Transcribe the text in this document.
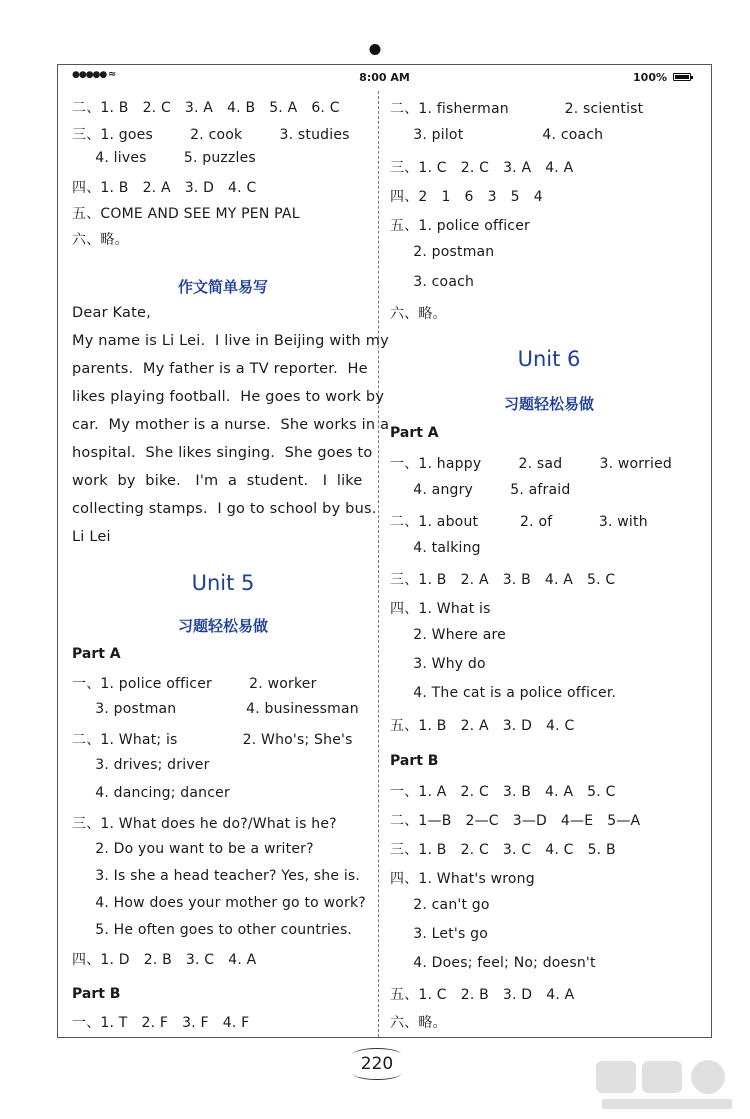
●●●●● ≈	8:00 AM	100%
二、1. B   2. C   3. A   4. B   5. A   6. C
三、1. goes        2. cook        3. studies
4. lives        5. puzzles
四、1. B   2. A   3. D   4. C
五、COME AND SEE MY PEN PAL
六、略。
作文简单易写
Dear Kate,
My name is Li Lei.  I live in Beijing with my
parents.  My father is a TV reporter.  He
likes playing football.  He goes to work by
car.  My mother is a nurse.  She works in a
hospital.  She likes singing.  She goes to
work  by  bike.   I'm  a  student.   I  like
collecting stamps.  I go to school by bus.
Li Lei
Unit 5
习题轻松易做
Part A
一、1. police officer        2. worker
3. postman               4. businessman
二、1. What; is              2. Who's; She's
3. drives; driver
4. dancing; dancer
三、1. What does he do?/What is he?
2. Do you want to be a writer?
3. Is she a head teacher? Yes, she is.
4. How does your mother go to work?
5. He often goes to other countries.
四、1. D   2. B   3. C   4. A
Part B
一、1. T   2. F   3. F   4. F
二、1. fisherman            2. scientist
3. pilot                 4. coach
三、1. C   2. C   3. A   4. A
四、2   1   6   3   5   4
五、1. police officer
2. postman
3. coach
六、略。
Unit 6
习题轻松易做
Part A
一、1. happy        2. sad        3. worried
4. angry        5. afraid
二、1. about         2. of          3. with
4. talking
三、1. B   2. A   3. B   4. A   5. C
四、1. What is
2. Where are
3. Why do
4. The cat is a police officer.
五、1. B   2. A   3. D   4. C
Part B
一、1. A   2. C   3. B   4. A   5. C
二、1—B   2—C   3—D   4—E   5—A
三、1. B   2. C   3. C   4. C   5. B
四、1. What's wrong
2. can't go
3. Let's go
4. Does; feel; No; doesn't
五、1. C   2. B   3. D   4. A
六、略。
220
